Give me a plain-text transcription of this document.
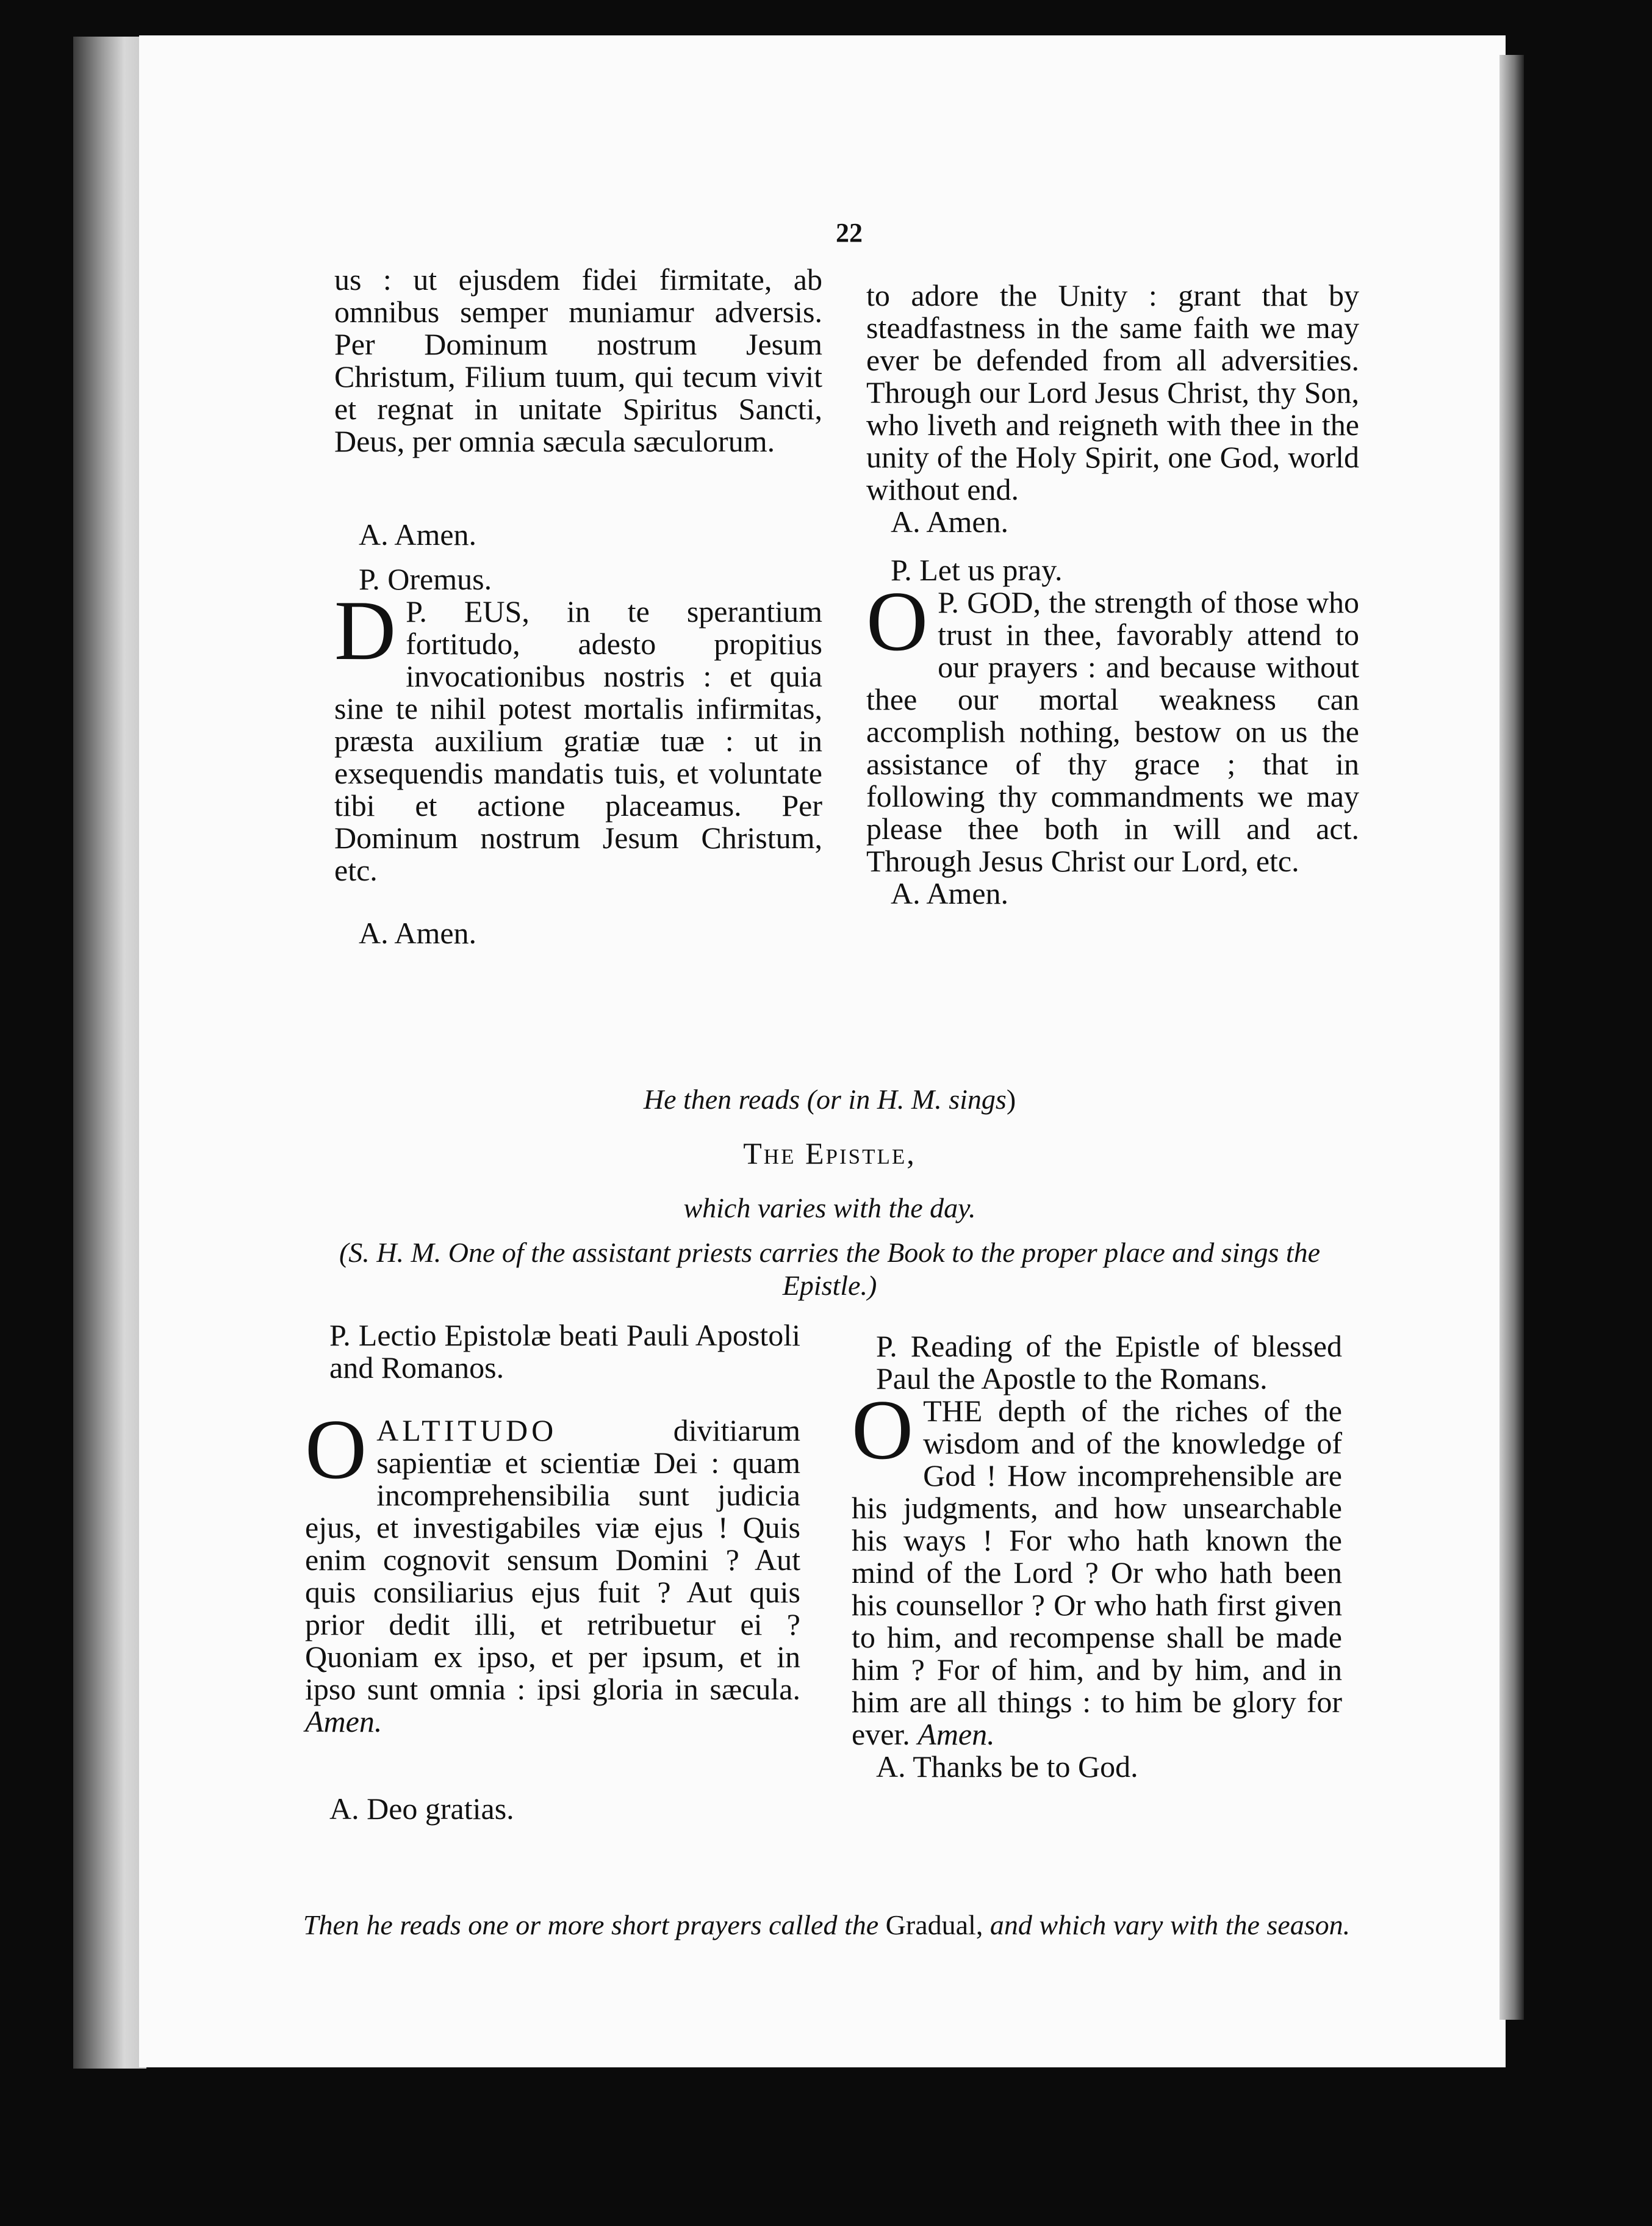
22

us : ut ejusdem fidei firmitate, ab omnibus semper muniamur adversis. Per Dominum nostrum Jesum Christum, Filium tuum, qui tecum vivit et regnat in unitate Spiritus Sancti, Deus, per omnia sæcula sæculorum.

A. Amen.

P. Oremus.

P.
D EUS, in te sperantium fortitudo, adesto propitius invocationibus nostris : et quia sine te nihil potest mortalis infirmitas, præsta auxilium gratiæ tuæ : ut in exsequendis mandatis tuis, et voluntate tibi et actione placeamus. Per Dominum nostrum Jesum Christum, etc.

A. Amen.

to adore the Unity : grant that by steadfastness in the same faith we may ever be defended from all adversities. Through our Lord Jesus Christ, thy Son, who liveth and reigneth with thee in the unity of the Holy Spirit, one God, world without end.

A. Amen.

P. Let us pray.

P.
O GOD, the strength of those who trust in thee, favorably attend to our prayers : and because without thee our mortal weakness can accomplish nothing, bestow on us the assistance of thy grace ; that in following thy commandments we may please thee both in will and act. Through Jesus Christ our Lord, etc.

A. Amen.

He then reads (or in H. M. sings)
The Epistle,
which varies with the day.
(S. H. M. One of the assistant priests carries the Book to the proper place and sings the Epistle.)

P. Lectio Epistolæ beati Pauli Apostoli and Romanos.

O ALTITUDO divitiarum sapientiæ et scientiæ Dei : quam incomprehensibilia sunt judicia ejus, et investigabiles viæ ejus ! Quis enim cognovit sensum Domini ? Aut quis consiliarius ejus fuit ? Aut quis prior dedit illi, et retribuetur ei ? Quoniam ex ipso, et per ipsum, et in ipso sunt omnia : ipsi gloria in sæcula. Amen.

A. Deo gratias.

P. Reading of the Epistle of blessed Paul the Apostle to the Romans.

O THE depth of the riches of the wisdom and of the knowledge of God ! How incomprehensible are his judgments, and how unsearchable his ways ! For who hath known the mind of the Lord ? Or who hath been his counsellor ? Or who hath first given to him, and recompense shall be made him ? For of him, and by him, and in him are all things : to him be glory for ever. Amen.

A. Thanks be to God.

Then he reads one or more short prayers called the Gradual, and which vary with the season.
